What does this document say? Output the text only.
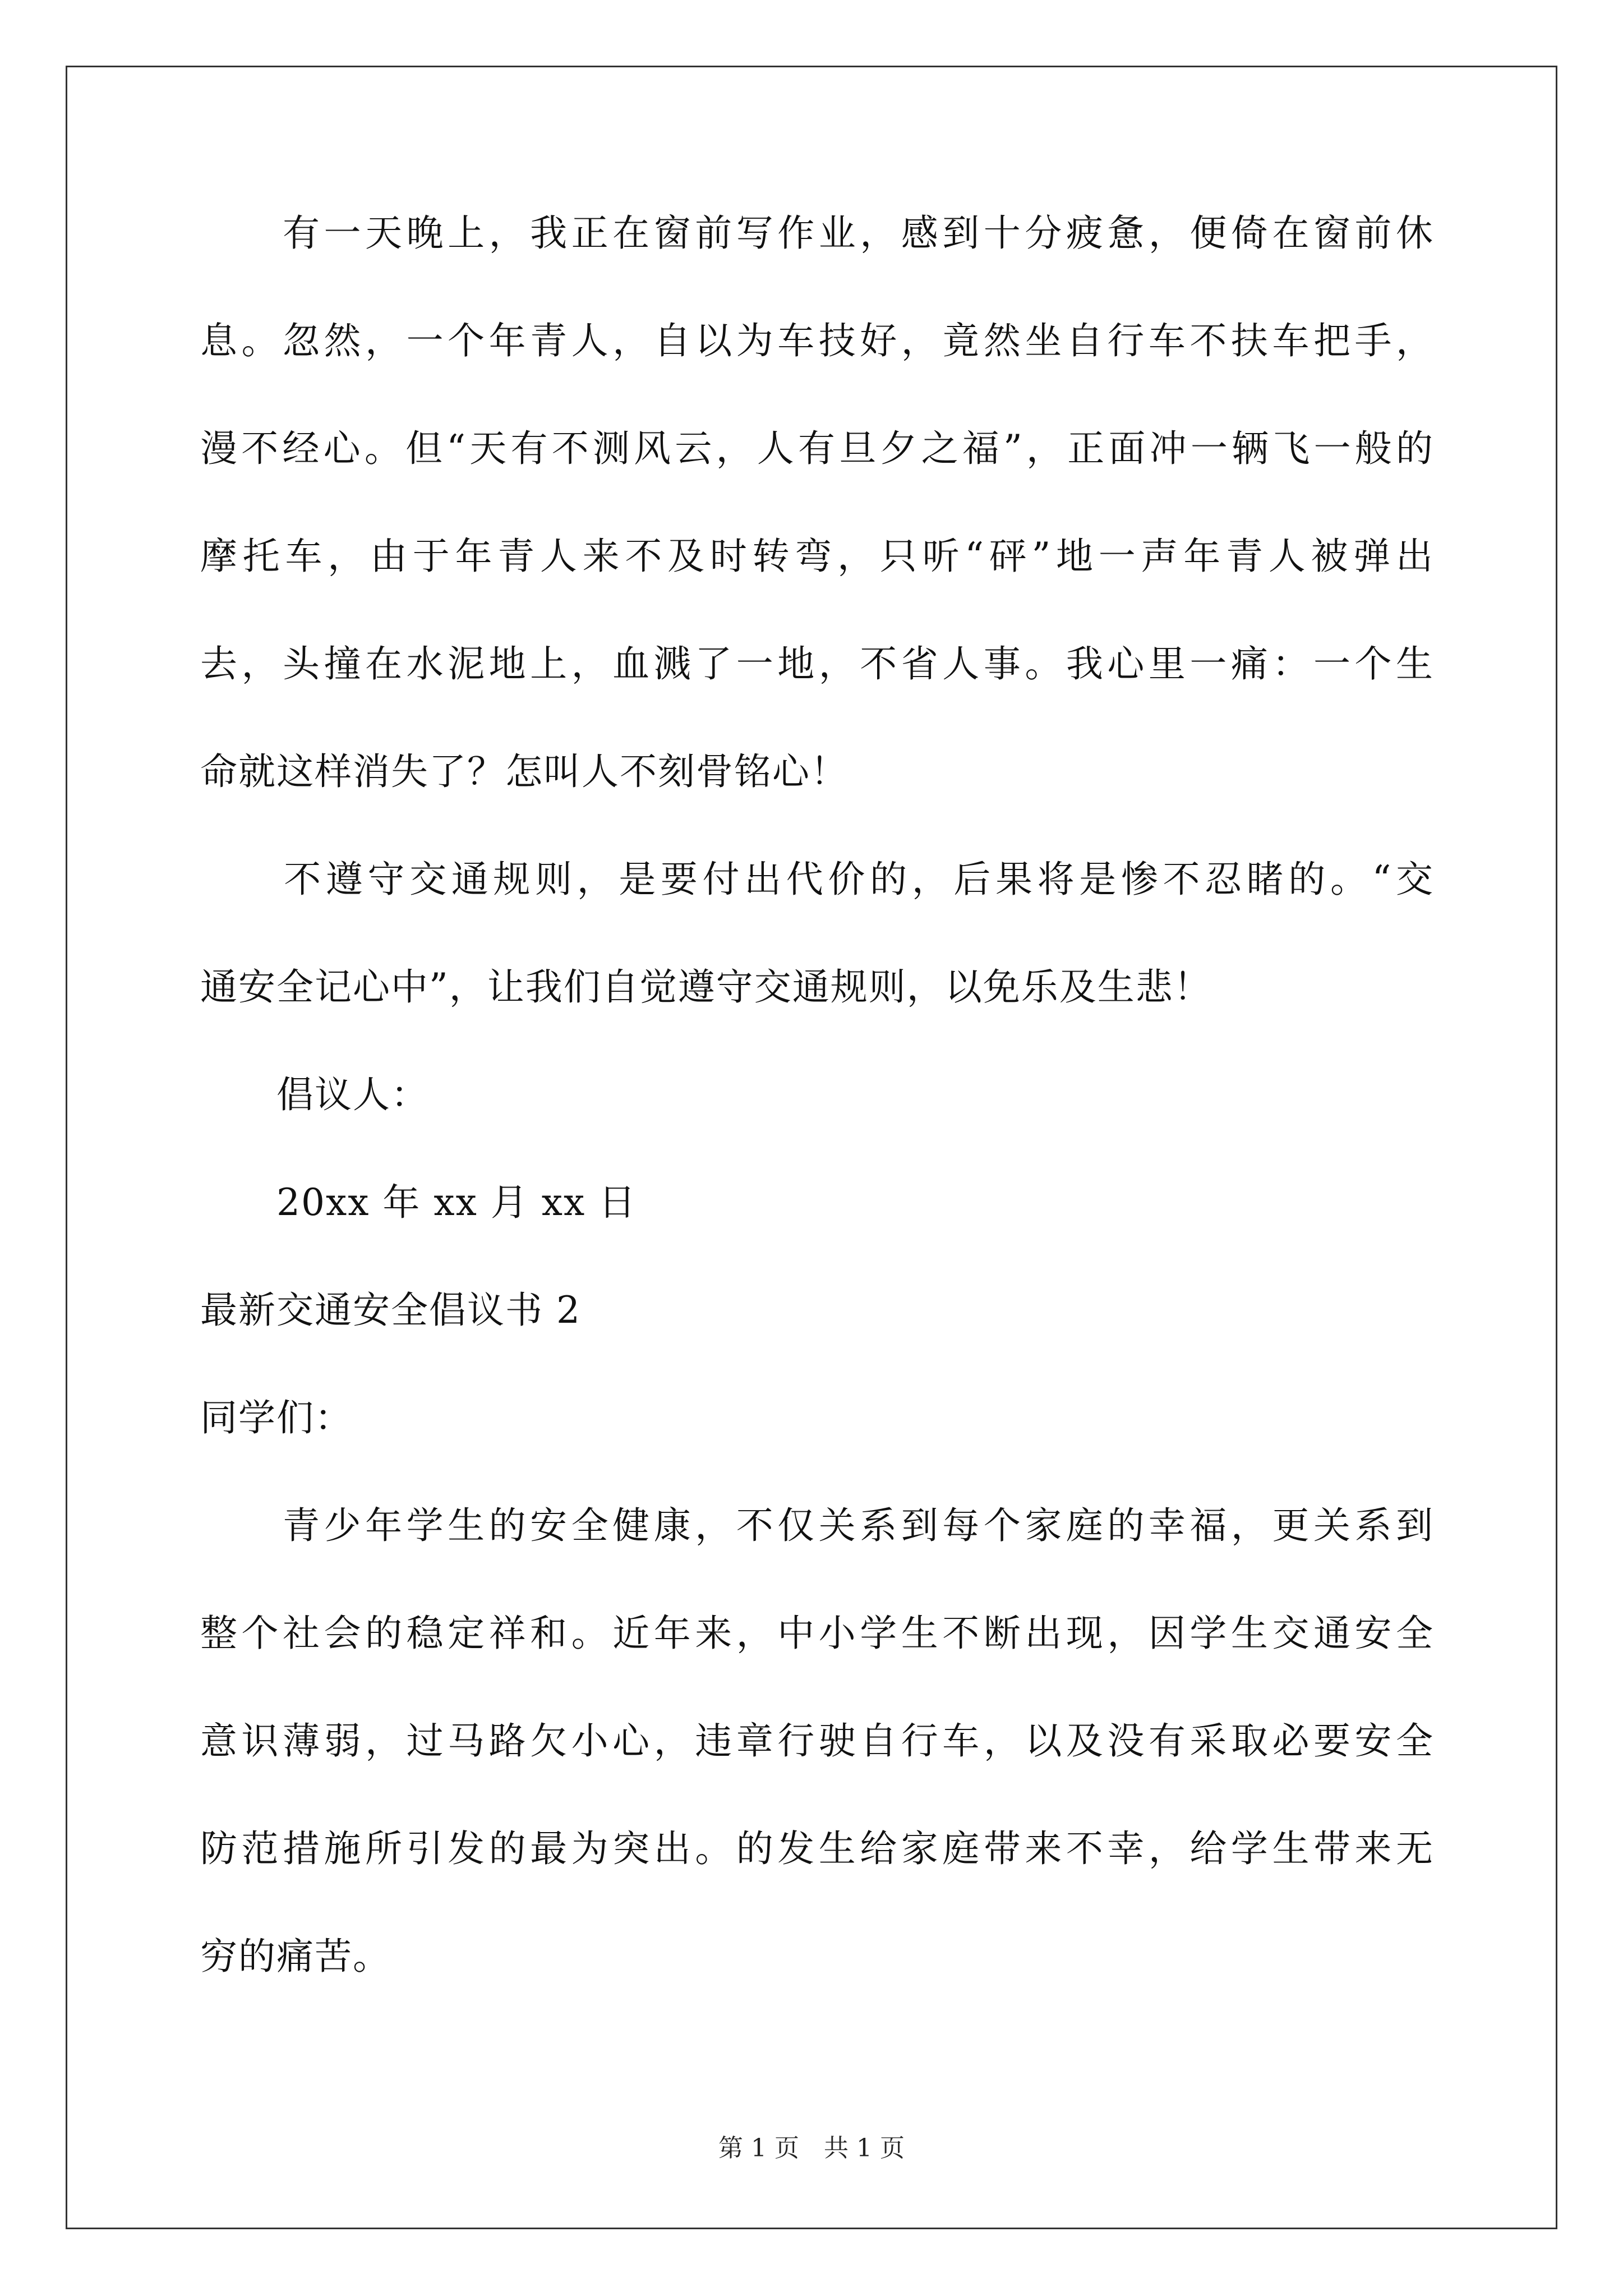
　　有一天晚上，我正在窗前写作业，感到十分疲惫，便倚在窗前休
息。忽然，一个年青人，自以为车技好，竟然坐自行车不扶车把手，
漫不经心。但“天有不测风云，人有旦夕之福”，正面冲一辆飞一般的
摩托车，由于年青人来不及时转弯，只听“砰”地一声年青人被弹出
去，头撞在水泥地上，血溅了一地，不省人事。我心里一痛：一个生
命就这样消失了？怎叫人不刻骨铭心！
　　不遵守交通规则，是要付出代价的，后果将是惨不忍睹的。“交
通安全记心中”，让我们自觉遵守交通规则，以免乐及生悲！
　　倡议人：
　　20xx 年 xx 月 xx 日
最新交通安全倡议书 2
同学们：
　　青少年学生的安全健康，不仅关系到每个家庭的幸福，更关系到
整个社会的稳定祥和。近年来，中小学生不断出现，因学生交通安全
意识薄弱，过马路欠小心，违章行驶自行车，以及没有采取必要安全
防范措施所引发的最为突出。的发生给家庭带来不幸，给学生带来无
穷的痛苦。
第 1 页　共 1 页
